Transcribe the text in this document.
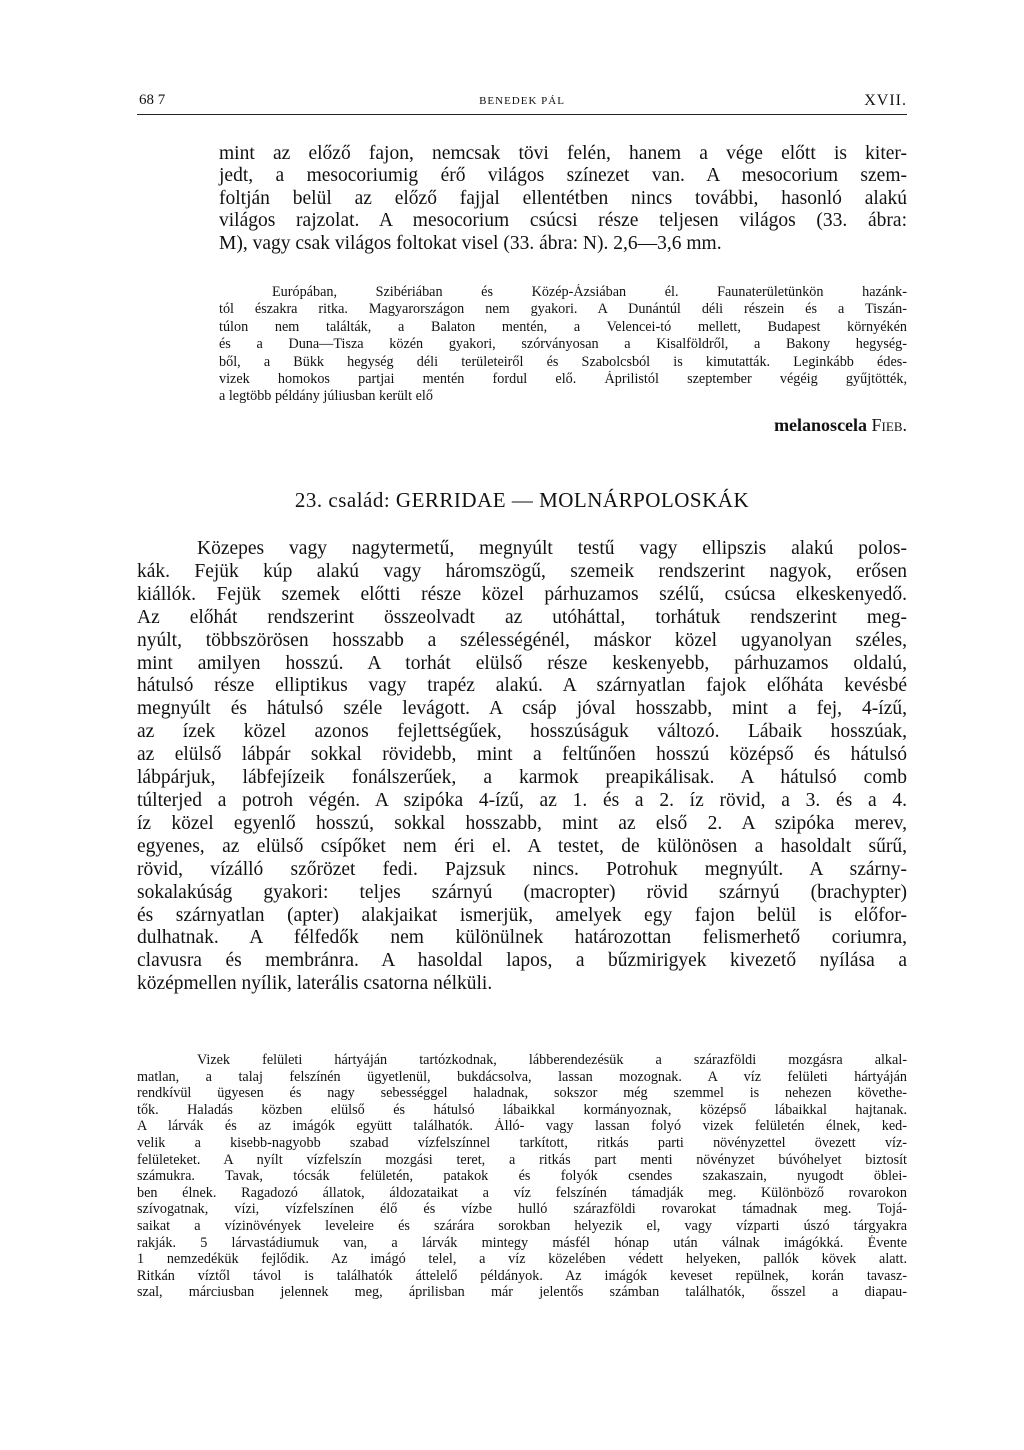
68 7	BENEDEK PÁL	XVII.
mint az előző fajon, nemcsak tövi felén, hanem a vége előtt is kiter-
jedt, a mesocoriumig érő világos színezet van. A mesocorium szem-
foltján belül az előző fajjal ellentétben nincs további, hasonló alakú
világos rajzolat. A mesocorium csúcsi része teljesen világos (33. ábra:
M), vagy csak világos foltokat visel (33. ábra: N). 2,6—3,6 mm.
Európában, Szibériában és Közép-Ázsiában él. Faunaterületünkön hazánk-
tól északra ritka. Magyarországon nem gyakori. A Dunántúl déli részein és a Tiszán-
túlon nem találták, a Balaton mentén, a Velencei-tó mellett, Budapest környékén
és a Duna—Tisza közén gyakori, szórványosan a Kisalföldről, a Bakony hegység-
ből, a Bükk hegység déli területeiről és Szabolcsból is kimutatták. Leginkább édes-
vizek homokos partjai mentén fordul elő. Áprilistól szeptember végéig gyűjtötték,
a legtöbb példány júliusban került elő
melanoscela Fieb.
23. család: GERRIDAE — MOLNÁRPOLOSKÁK
Közepes vagy nagytermetű, megnyúlt testű vagy ellipszis alakú polos-
kák. Fejük kúp alakú vagy háromszögű, szemeik rendszerint nagyok, erősen
kiállók. Fejük szemek előtti része közel párhuzamos szélű, csúcsa elkeskenyedő.
Az előhát rendszerint összeolvadt az utóháttal, torhátuk rendszerint meg-
nyúlt, többszörösen hosszabb a szélességénél, máskor közel ugyanolyan széles,
mint amilyen hosszú. A torhát elülső része keskenyebb, párhuzamos oldalú,
hátulsó része elliptikus vagy trapéz alakú. A szárnyatlan fajok előháta kevésbé
megnyúlt és hátulsó széle levágott. A csáp jóval hosszabb, mint a fej, 4-ízű,
az ízek közel azonos fejlettségűek, hosszúságuk változó. Lábaik hosszúak,
az elülső lábpár sokkal rövidebb, mint a feltűnően hosszú középső és hátulsó
lábpárjuk, lábfejízeik fonálszerűek, a karmok preapikálisak. A hátulsó comb
túlterjed a potroh végén. A szipóka 4-ízű, az 1. és a 2. íz rövid, a 3. és a 4.
íz közel egyenlő hosszú, sokkal hosszabb, mint az első 2. A szipóka merev,
egyenes, az elülső csípőket nem éri el. A testet, de különösen a hasoldalt sűrű,
rövid, vízálló szőrözet fedi. Pajzsuk nincs. Potrohuk megnyúlt. A szárny-
sokalakúság gyakori: teljes szárnyú (macropter) rövid szárnyú (brachypter)
és szárnyatlan (apter) alakjaikat ismerjük, amelyek egy fajon belül is előfor-
dulhatnak. A félfedők nem különülnek határozottan felismerhető coriumra,
clavusra és membránra. A hasoldal lapos, a bűzmirigyek kivezető nyílása a
középmellen nyílik, laterális csatorna nélküli.
Vizek felületi hártyáján tartózkodnak, lábberendezésük a szárazföldi mozgásra alkal-
matlan, a talaj felszínén ügyetlenül, bukdácsolva, lassan mozognak. A víz felületi hártyáján
rendkívül ügyesen és nagy sebességgel haladnak, sokszor még szemmel is nehezen követhe-
tők. Haladás közben elülső és hátulsó lábaikkal kormányoznak, középső lábaikkal hajtanak.
A lárvák és az imágók együtt találhatók. Álló- vagy lassan folyó vizek felületén élnek, ked-
velik a kisebb-nagyobb szabad vízfelszínnel tarkított, ritkás parti növényzettel övezett víz-
felületeket. A nyílt vízfelszín mozgási teret, a ritkás part menti növényzet búvóhelyet biztosít
számukra. Tavak, tócsák felületén, patakok és folyók csendes szakaszain, nyugodt öblei-
ben élnek. Ragadozó állatok, áldozataikat a víz felszínén támadják meg. Különböző rovarokon
szívogatnak, vízi, vízfelszínen élő és vízbe hulló szárazföldi rovarokat támadnak meg. Tojá-
saikat a vízinövények leveleire és szárára sorokban helyezik el, vagy vízparti úszó tárgyakra
rakják. 5 lárvastádiumuk van, a lárvák mintegy másfél hónap után válnak imágókká. Évente
1 nemzedékük fejlődik. Az imágó telel, a víz közelében védett helyeken, pallók kövek alatt.
Ritkán víztől távol is találhatók áttelelő példányok. Az imágók keveset repülnek, korán tavasz-
szal, márciusban jelennek meg, áprilisban már jelentős számban találhatók, ősszel a diapau-
